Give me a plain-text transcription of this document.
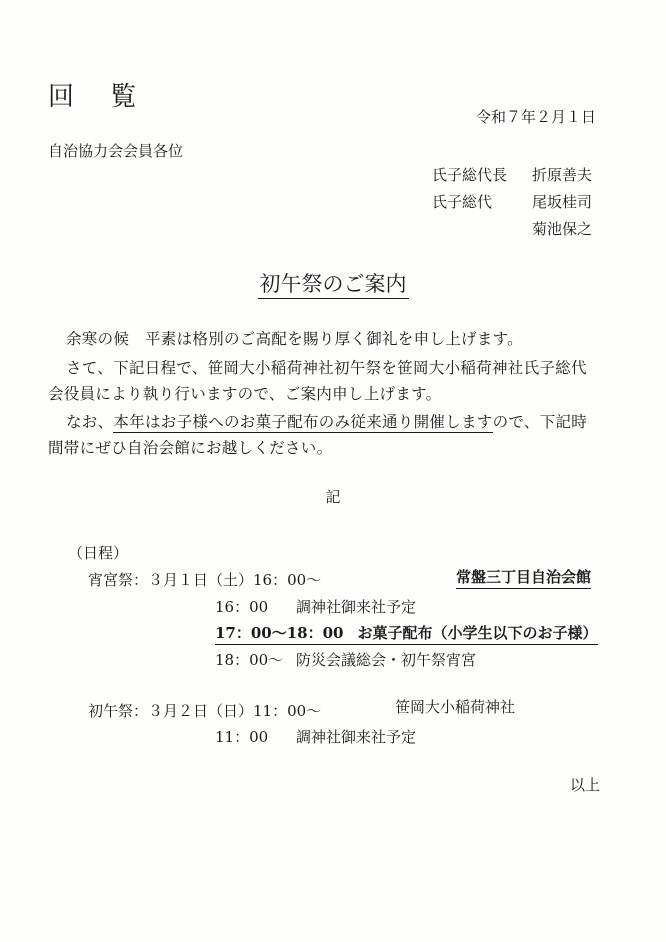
回 覧
令和７年２月１日
自治協力会会員各位
氏子総代長 折原善夫
氏子総代	尾坂桂司
菊池保之
初午祭のご案内
余寒の候　平素は格別のご高配を賜り厚く御礼を申し上げます。
さて、下記日程で、笹岡大小稲荷神社初午祭を笹岡大小稲荷神社氏子総代
会役員により執り行いますので、ご案内申し上げます。
なお、本年はお子様へのお菓子配布のみ従来通り開催しますので、下記時
間帯にぜひ自治会館にお越しください。
記
（日程）
宵宮祭：３月１日（土）16：00～	常盤三丁目自治会館
16：00 調神社御来社予定
17：00～18：00 お菓子配布（小学生以下のお子様）
18：00～ 防災会議総会・初午祭宵宮
初午祭：３月２日（日）11：00～	笹岡大小稲荷神社
11：00 調神社御来社予定
以上
